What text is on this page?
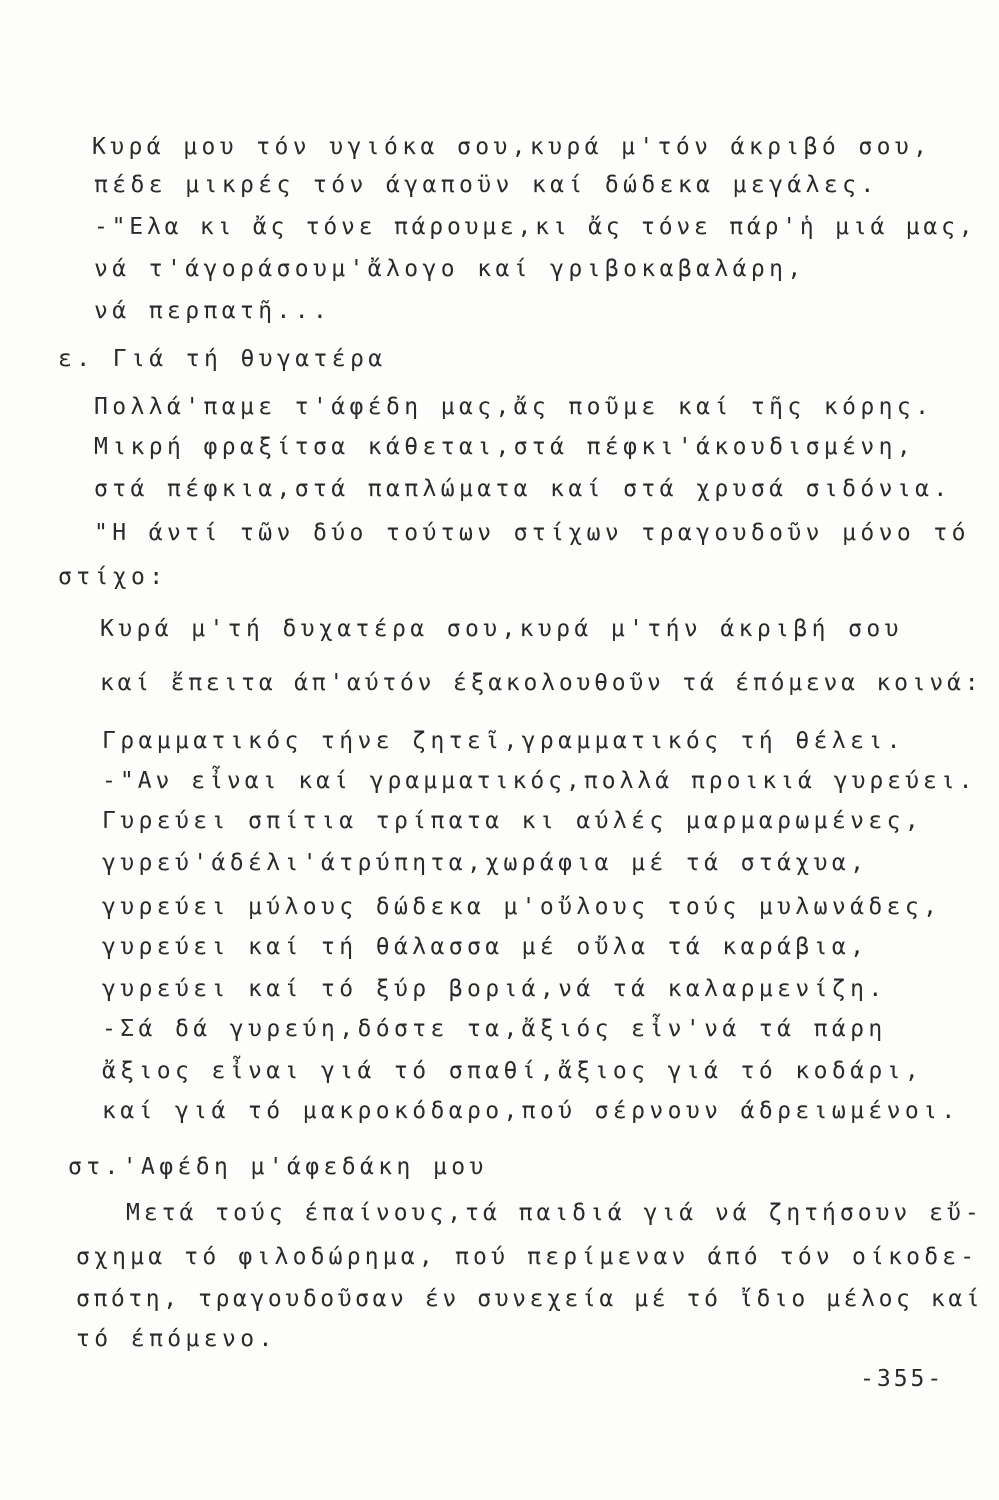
Κυρά μου τόν υγιόκα σου,κυρά μ'τόν άκριβό σου,
πέδε μικρές τόν άγαποϋν καί δώδεκα μεγάλες.
-"Ελα κι ἄς τόνε πάρουμε,κι ἄς τόνε πάρ'ἡ μιά μας,
νά τ'άγοράσουμ'ἄλογο καί γριβοκαβαλάρη,
νά περπατῆ...
ε. Γιά τή θυγατέρα
Πολλά'παμε τ'άφέδη μας,ἄς ποῦμε καί τῆς κόρης.
Μικρή φραξίτσα κάθεται,στά πέφκι'άκουδισμένη,
στά πέφκια,στά παπλώματα καί στά χρυσά σιδόνια.
"Η άντί τῶν δύο τούτων στίχων τραγουδοῦν μόνο τό
στίχο:
Κυρά μ'τή δυχατέρα σου,κυρά μ'τήν άκριβή σου
καί ἔπειτα άπ'αύτόν έξακολουθοῦν τά έπόμενα κοινά:
Γραμματικός τήνε ζητεῖ,γραμματικός τή θέλει.
-"Αν εἶναι καί γραμματικός,πολλά προικιά γυρεύει.
Γυρεύει σπίτια τρίπατα κι αύλές μαρμαρωμένες,
γυρεύ'άδέλι'άτρύπητα,χωράφια μέ τά στάχυα,
γυρεύει μύλους δώδεκα μ'οὔλους τούς μυλωνάδες,
γυρεύει καί τή θάλασσα μέ οὔλα τά καράβια,
γυρεύει καί τό ξύρ βοριά,νά τά καλαρμενίζη.
-Σά δά γυρεύη,δόστε τα,ἄξιός εἶν'νά τά πάρη
ἄξιος εἶναι γιά τό σπαθί,ἄξιος γιά τό κοδάρι,
καί γιά τό μακροκόδαρο,πού σέρνουν άδρειωμένοι.
στ.'Αφέδη μ'άφεδάκη μου
Μετά τούς έπαίνους,τά παιδιά γιά νά ζητήσουν εὔ-
σχημα τό φιλοδώρημα, πού περίμεναν άπό τόν οίκοδε-
σπότη, τραγουδοῦσαν έν συνεχεία μέ τό ἴδιο μέλος καί
τό έπόμενο.
-355-
